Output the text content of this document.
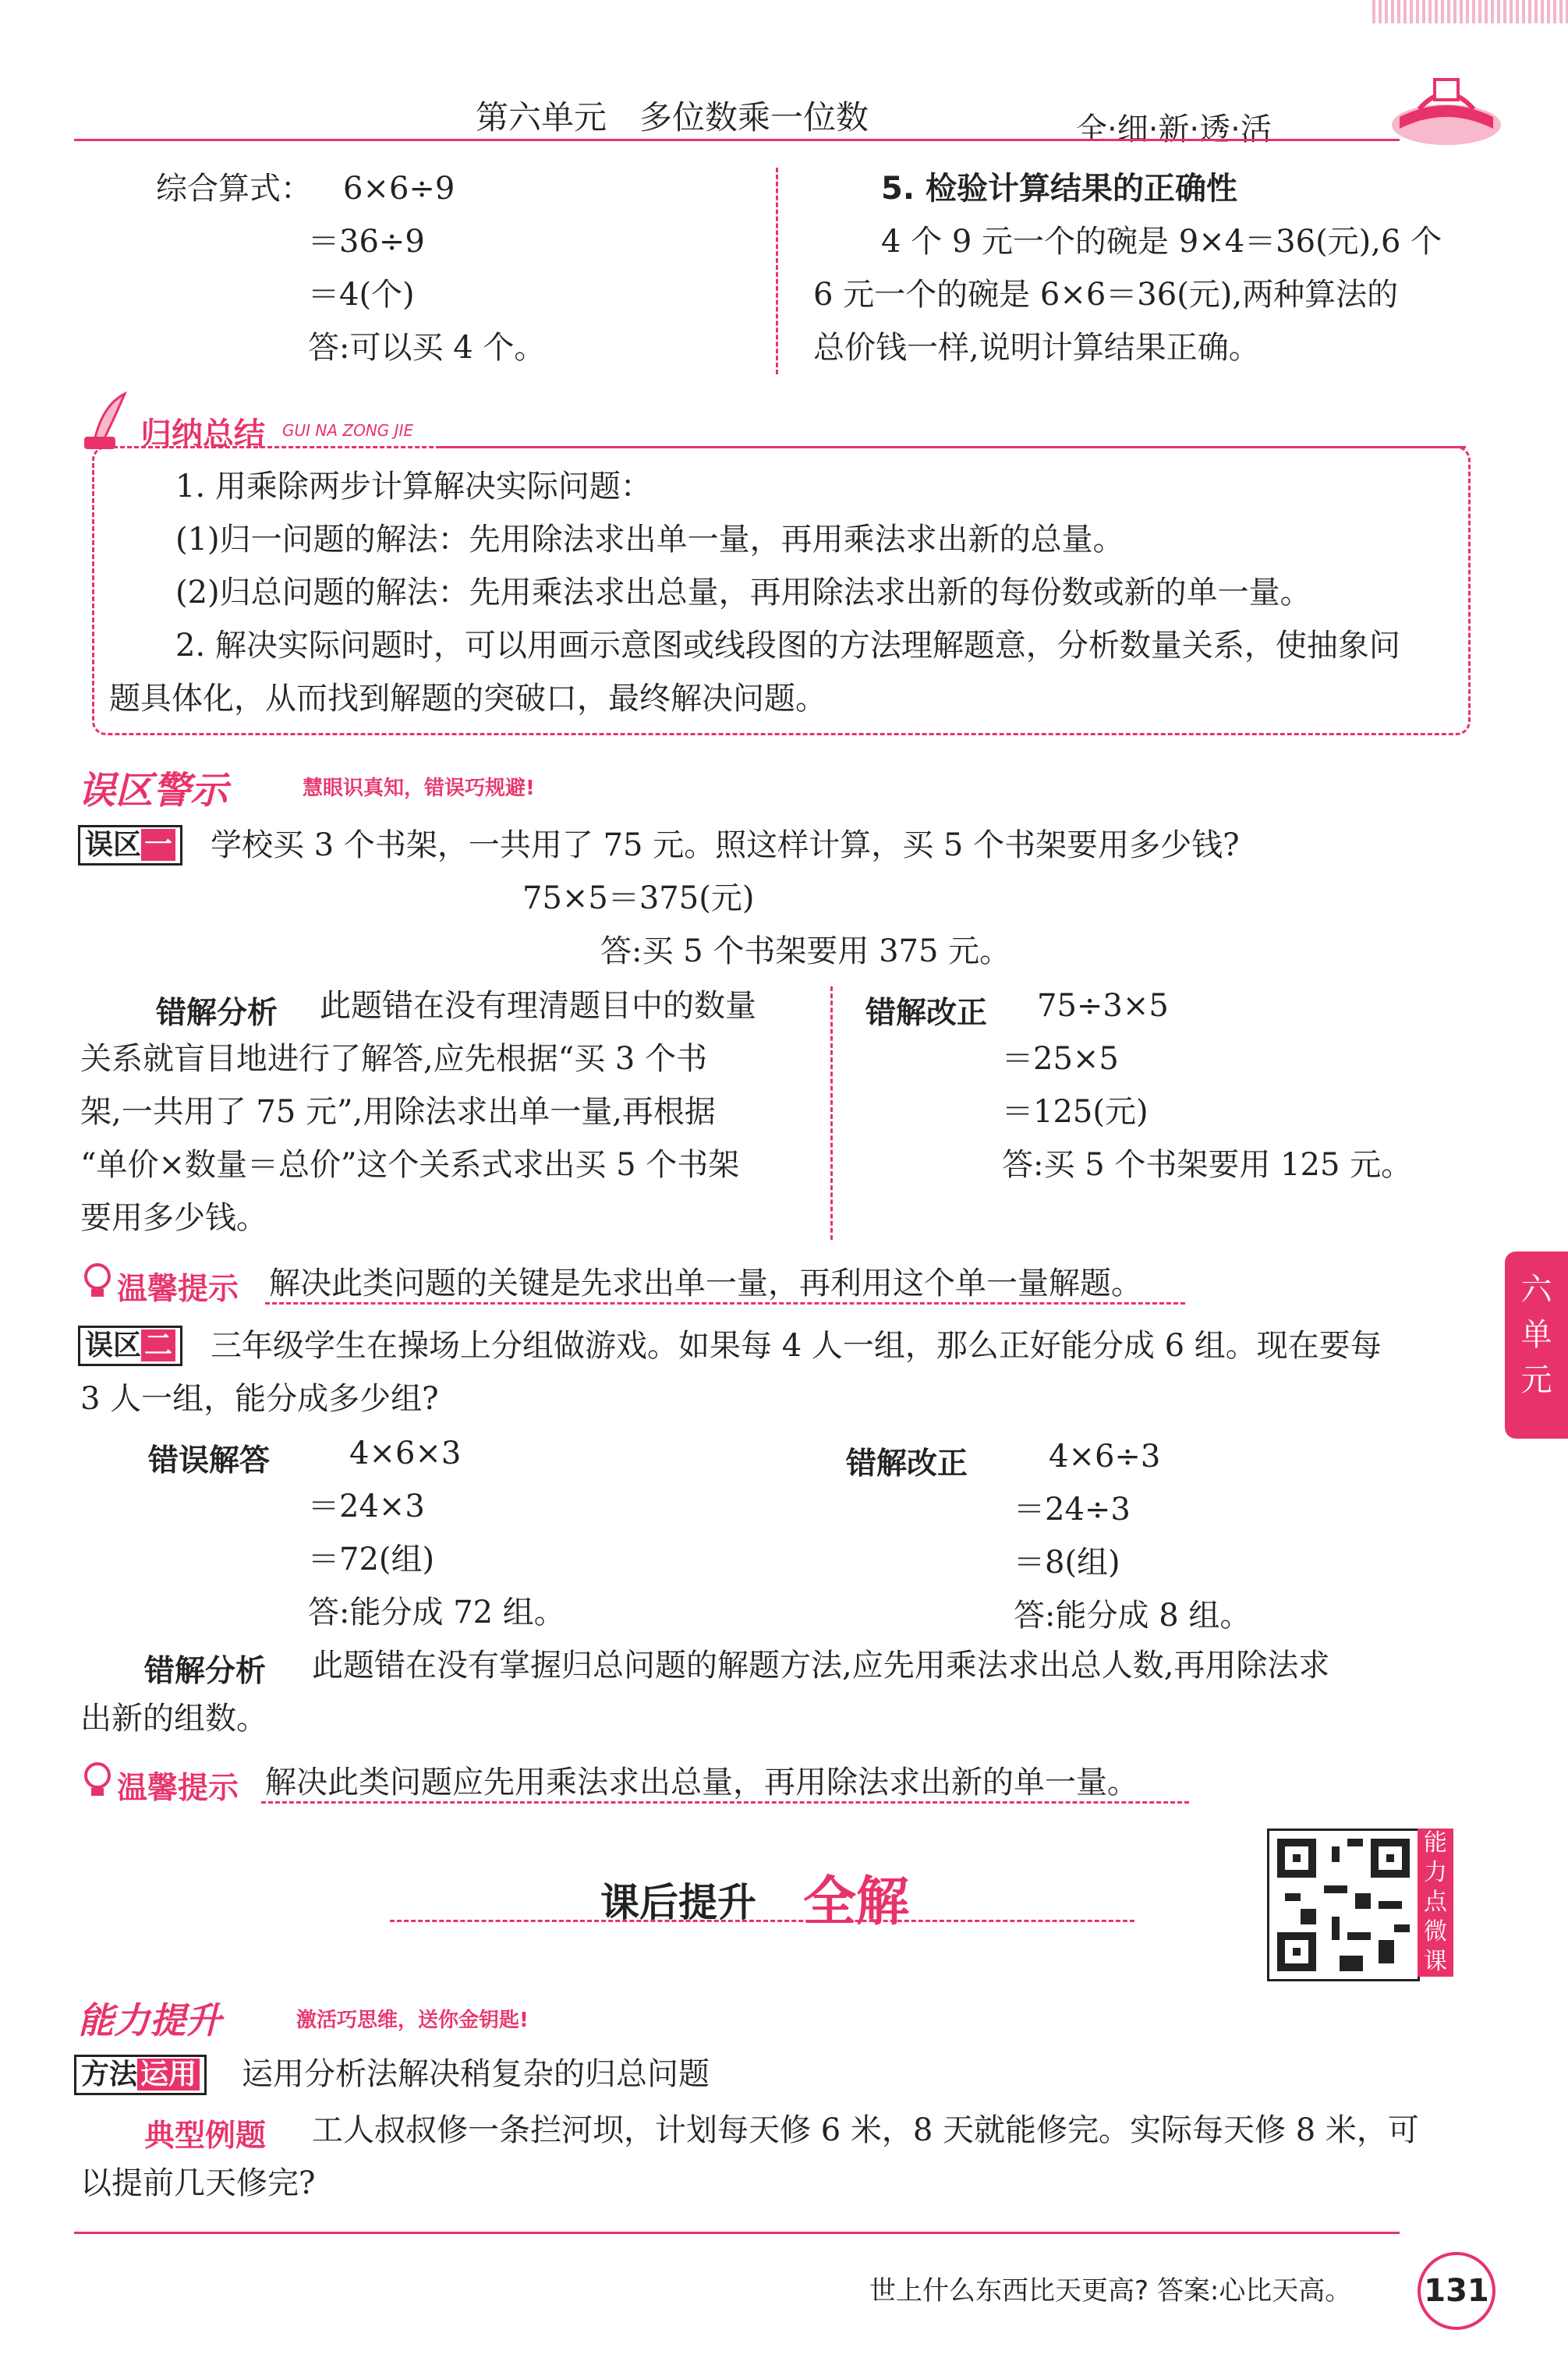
第六单元　多位数乘一位数	全·细·新·透·活
综合算式： 6×6÷9
＝36÷9
＝4(个)
答:可以买 4 个。
5. 检验计算结果的正确性
4 个 9 元一个的碗是 9×4＝36(元),6 个
6 元一个的碗是 6×6＝36(元),两种算法的
总价钱一样,说明计算结果正确。
归纳总结 GUI NA ZONG JIE
1. 用乘除两步计算解决实际问题：
(1)归一问题的解法：先用除法求出单一量，再用乘法求出新的总量。
(2)归总问题的解法：先用乘法求出总量，再用除法求出新的每份数或新的单一量。
2. 解决实际问题时，可以用画示意图或线段图的方法理解题意，分析数量关系，使抽象问
题具体化，从而找到解题的突破口，最终解决问题。
误区警示	慧眼识真知，错误巧规避!
误区 一	学校买 3 个书架，一共用了 75 元。照这样计算，买 5 个书架要用多少钱?
75×5＝375(元)
答:买 5 个书架要用 375 元。
错解分析 此题错在没有理清题目中的数量
关系就盲目地进行了解答,应先根据“买 3 个书
架,一共用了 75 元”,用除法求出单一量,再根据
“单价×数量＝总价”这个关系式求出买 5 个书架
要用多少钱。
错解改正 75÷3×5
＝25×5
＝125(元)
答:买 5 个书架要用 125 元。
温馨提示 解决此类问题的关键是先求出单一量，再利用这个单一量解题。	六
单
元
误区 二	三年级学生在操场上分组做游戏。如果每 4 人一组，那么正好能分成 6 组。现在要每
3 人一组，能分成多少组?
错误解答	4×6×3
＝24×3
＝72(组)
答:能分成 72 组。
错解改正	4×6÷3
＝24÷3
＝8(组)
答:能分成 8 组。
错解分析 此题错在没有掌握归总问题的解题方法,应先用乘法求出总人数,再用除法求
出新的组数。
温馨提示 解决此类问题应先用乘法求出总量，再用除法求出新的单一量。
课后提升 全解
能力点微课
能力提升	激活巧思维，送你金钥匙!
方法 运用	运用分析法解决稍复杂的归总问题
典型例题 工人叔叔修一条拦河坝，计划每天修 6 米，8 天就能修完。实际每天修 8 米，可
以提前几天修完?
世上什么东西比天更高? 答案:心比天高。 131
